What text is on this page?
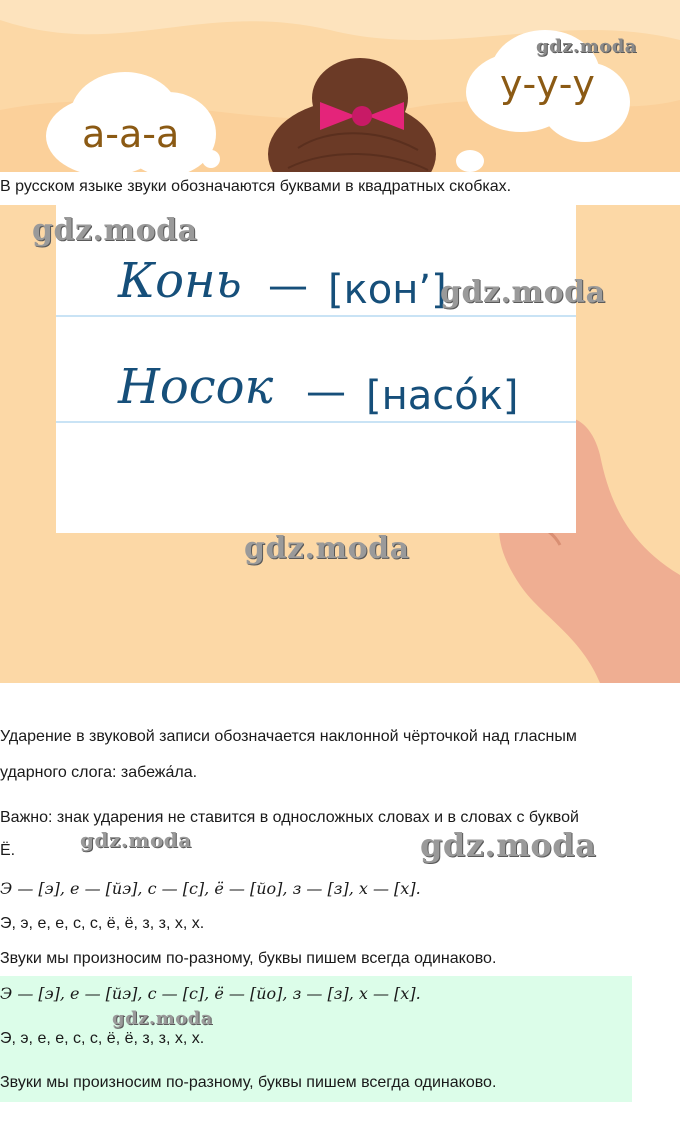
а-а-а
у-у-у
gdz.moda
В русском языке звуки обозначаются буквами в квадратных скобках.
Конь — [кон’]
Носок — [насо́к]
gdz.moda
gdz.moda
gdz.moda
Ударение в звуковой записи обозначается наклонной чёрточкой над гласным
ударного слога: забежа́ла.
Важно: знак ударения не ставится в односложных словах и в словах с буквой
Ё.	gdz.moda	gdz.moda
Э — [э], е — [йэ], с — [с], ё — [йо], з — [з], х — [х].
Э, э, е, е, с, с, ё, ё, з, з, х, х.
Звуки мы произносим по-разному, буквы пишем всегда одинаково.
Э — [э], е — [йэ], с — [с], ё — [йо], з — [з], х — [х].
Э, э, е, е, с, с, ё, ё, з, з, х, х.
Звуки мы произносим по-разному, буквы пишем всегда одинаково.
gdz.moda
